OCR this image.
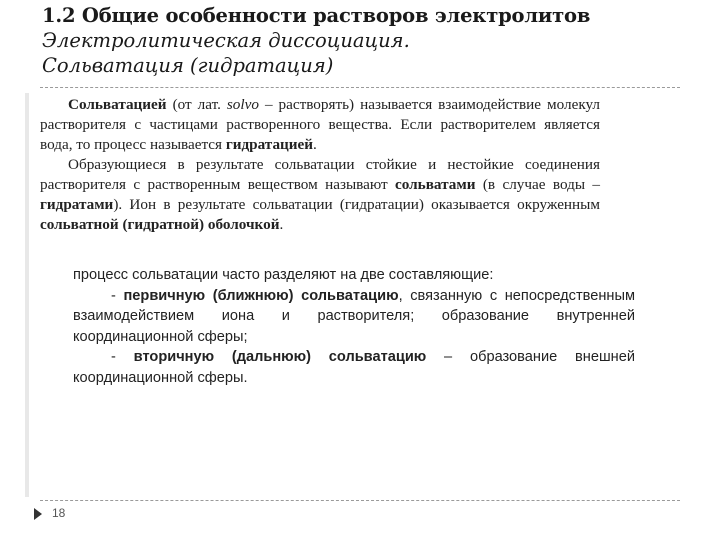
1.2 Общие особенности растворов электролитов
Электролитическая диссоциация.
Сольватация (гидратация)

Сольватацией (от лат. solvo – растворять) называется взаимодействие молекул растворителя с частицами растворенного вещества. Если растворителем является вода, то процесс называется гидратацией.

Образующиеся в результате сольватации стойкие и нестойкие соединения растворителя с растворенным веществом называют сольватами (в случае воды – гидратами). Ион в результате сольватации (гидратации) оказывается окруженным сольватной (гидратной) оболочкой.

процесс сольватации часто разделяют на две составляющие:

- первичную (ближнюю) сольватацию, связанную с непосредственным взаимодействием иона и растворителя; образование внутренней координационной сферы;

- вторичную (дальнюю) сольватацию – образование внешней координационной сферы.

18
